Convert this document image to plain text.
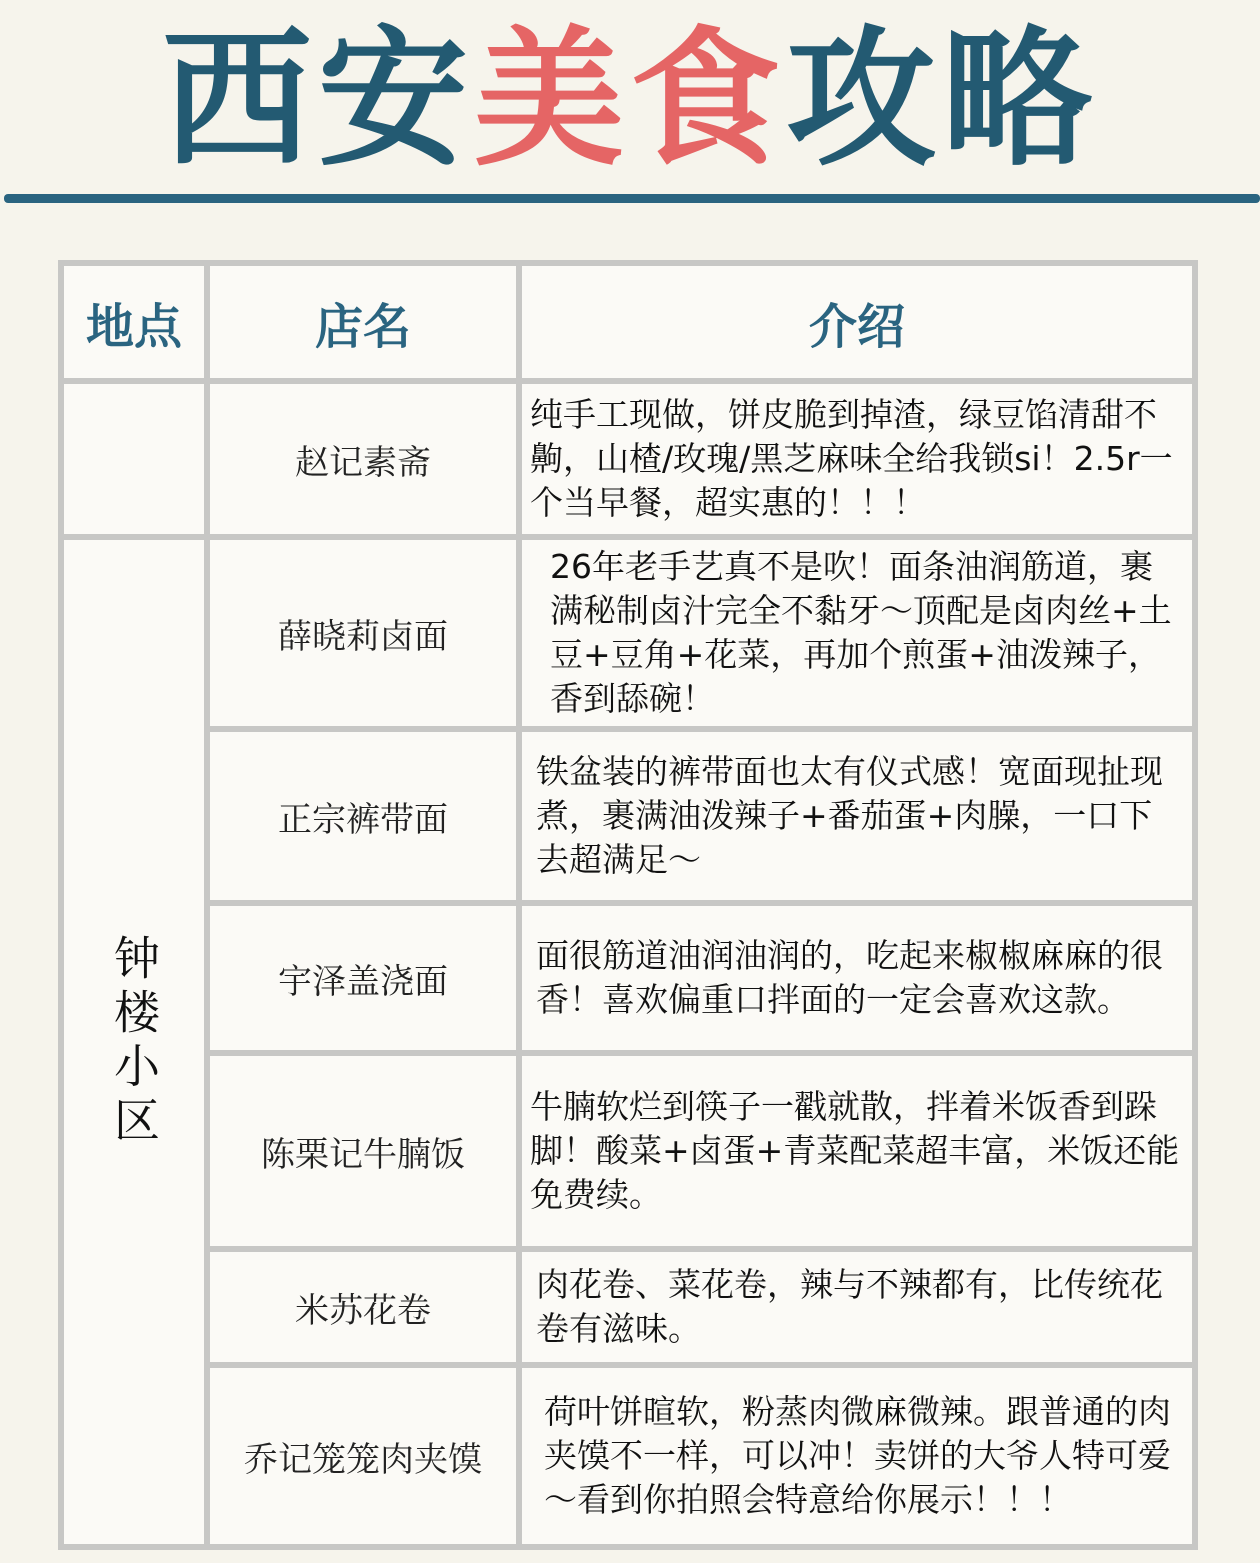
西安美食攻略
地点	店名	介绍
钟楼小区
赵记素斋
纯手工现做，饼皮脆到掉渣，绿豆馅清甜不齁，山楂/玫瑰/黑芝麻味全给我锁si！2.5r一个当早餐，超实惠的！！！
薛晓莉卤面
26年老手艺真不是吹！面条油润筋道，裹满秘制卤汁完全不黏牙～顶配是卤肉丝+土豆+豆角+花菜，再加个煎蛋+油泼辣子，香到舔碗！
正宗裤带面
铁盆装的裤带面也太有仪式感！宽面现扯现煮，裹满油泼辣子+番茄蛋+肉臊，一口下去超满足～
宇泽盖浇面
面很筋道油润油润的，吃起来椒椒麻麻的很香！喜欢偏重口拌面的一定会喜欢这款。
陈栗记牛腩饭
牛腩软烂到筷子一戳就散，拌着米饭香到跺脚！酸菜+卤蛋+青菜配菜超丰富，米饭还能免费续。
米苏花卷
肉花卷、菜花卷，辣与不辣都有，比传统花卷有滋味。
乔记笼笼肉夹馍
荷叶饼暄软，粉蒸肉微麻微辣。跟普通的肉夹馍不一样，可以冲！卖饼的大爷人特可爱～看到你拍照会特意给你展示！！！
